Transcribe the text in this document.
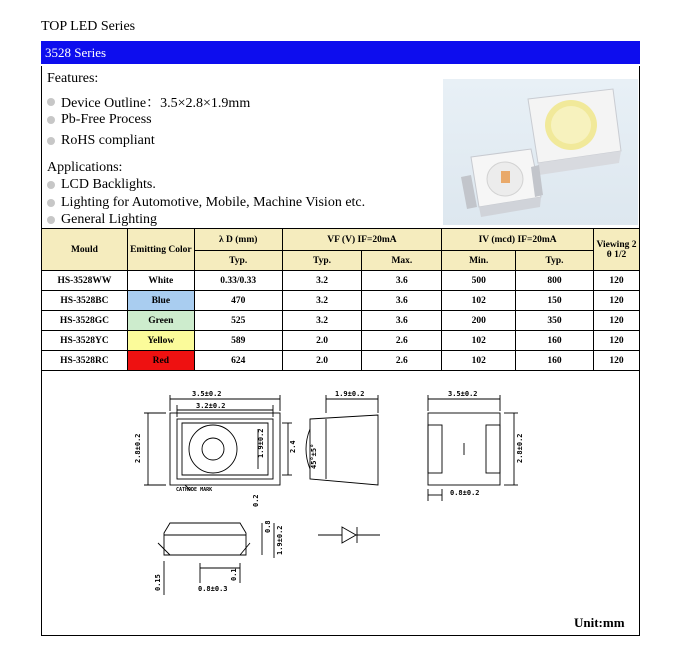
TOP LED Series
3528 Series
Features:
Device Outline：3.5×2.8×1.9mm
Pb-Free Process
RoHS compliant
Applications:
LCD Backlights.
Lighting for Automotive, Mobile, Machine Vision etc.
General Lighting
Mould	Emitting Color	λ D (mm)	VF (V) IF=20mA		IV (mcd) IF=20mA		Viewing 2 θ 1/2
		Typ.	Typ.	Max.	Min.	Typ.	
HS-3528WW	White	0.33/0.33	3.2	3.6	500	800	120
HS-3528BC	Blue	470	3.2	3.6	102	150	120
HS-3528GC	Green	525	3.2	3.6	200	350	120
HS-3528YC	Yellow	589	2.0	2.6	102	160	120
HS-3528RC	Red	624	2.0	2.6	102	160	120
3.5±0.2
3.2±0.2
2.8±0.2	2.4
1.9±0.2
CATHODE MARK
1.9±0.2
45°±5°
3.5±0.2
2.8±0.2
0.8±0.2
0.2
0.8 1.9±0.2
0.15	0.1
0.8±0.3
Unit:mm
